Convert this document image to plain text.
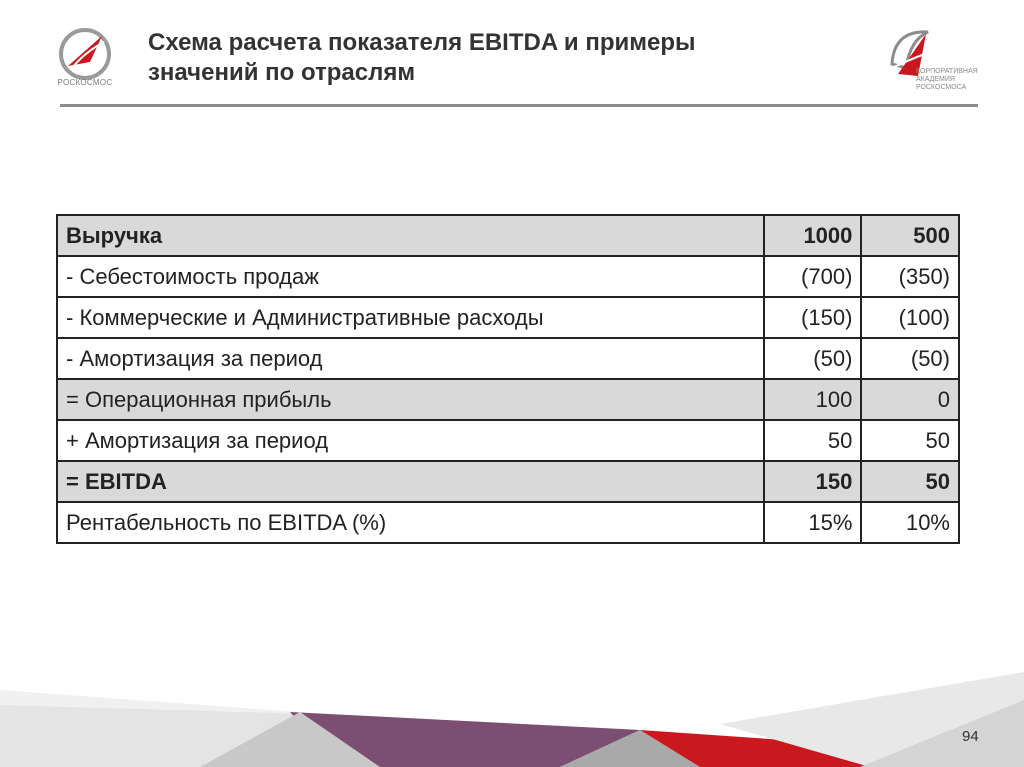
РОСКОСМОС
Схема расчета показателя EBITDA и примеры
значений по отраслям	КОРПОРАТИВНАЯ
АКАДЕМИЯ
РОСКОСМОСА
Выручка	1000	500
- Себестоимость продаж	(700)	(350)
- Коммерческие и Административные расходы	(150)	(100)
- Амортизация за период	(50)	(50)
= Операционная прибыль	100	0
+ Амортизация за период	50	50
= EBITDA	150	50
Рентабельность по EBITDA (%)	15%	10%
94
